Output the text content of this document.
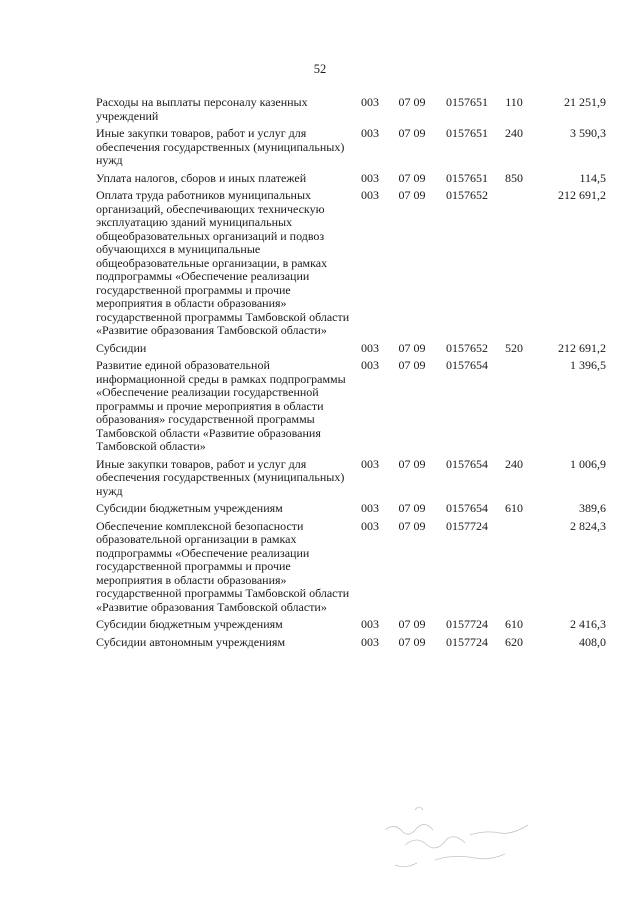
52
Расходы на выплаты персоналу казенных учреждений	003	07 09	0157651	110	21 251,9
Иные закупки товаров, работ и услуг для обеспечения государственных (муниципальных) нужд	003	07 09	0157651	240	3 590,3
Уплата налогов, сборов и иных платежей	003	07 09	0157651	850	114,5
Оплата труда работников муниципальных организаций, обеспечивающих техническую эксплуатацию зданий муниципальных общеобразовательных организаций и подвоз обучающихся в муниципальные общеобразовательные организации, в рамках подпрограммы «Обеспечение реализации государственной программы и прочие мероприятия в области образования» государственной программы Тамбовской области «Развитие образования Тамбовской области»	003	07 09	0157652		212 691,2
Субсидии	003	07 09	0157652	520	212 691,2
Развитие единой образовательной информационной среды в рамках подпрограммы «Обеспечение реализации государственной программы и прочие мероприятия в области образования» государственной программы Тамбовской области «Развитие образования Тамбовской области»	003	07 09	0157654		1 396,5
Иные закупки товаров, работ и услуг для обеспечения государственных (муниципальных) нужд	003	07 09	0157654	240	1 006,9
Субсидии бюджетным учреждениям	003	07 09	0157654	610	389,6
Обеспечение комплексной безопасности образовательной организации в рамках подпрограммы «Обеспечение реализации государственной программы и прочие мероприятия в области образования» государственной программы Тамбовской области «Развитие образования Тамбовской области»	003	07 09	0157724		2 824,3
Субсидии бюджетным учреждениям	003	07 09	0157724	610	2 416,3
Субсидии автономным учреждениям	003	07 09	0157724	620	408,0
